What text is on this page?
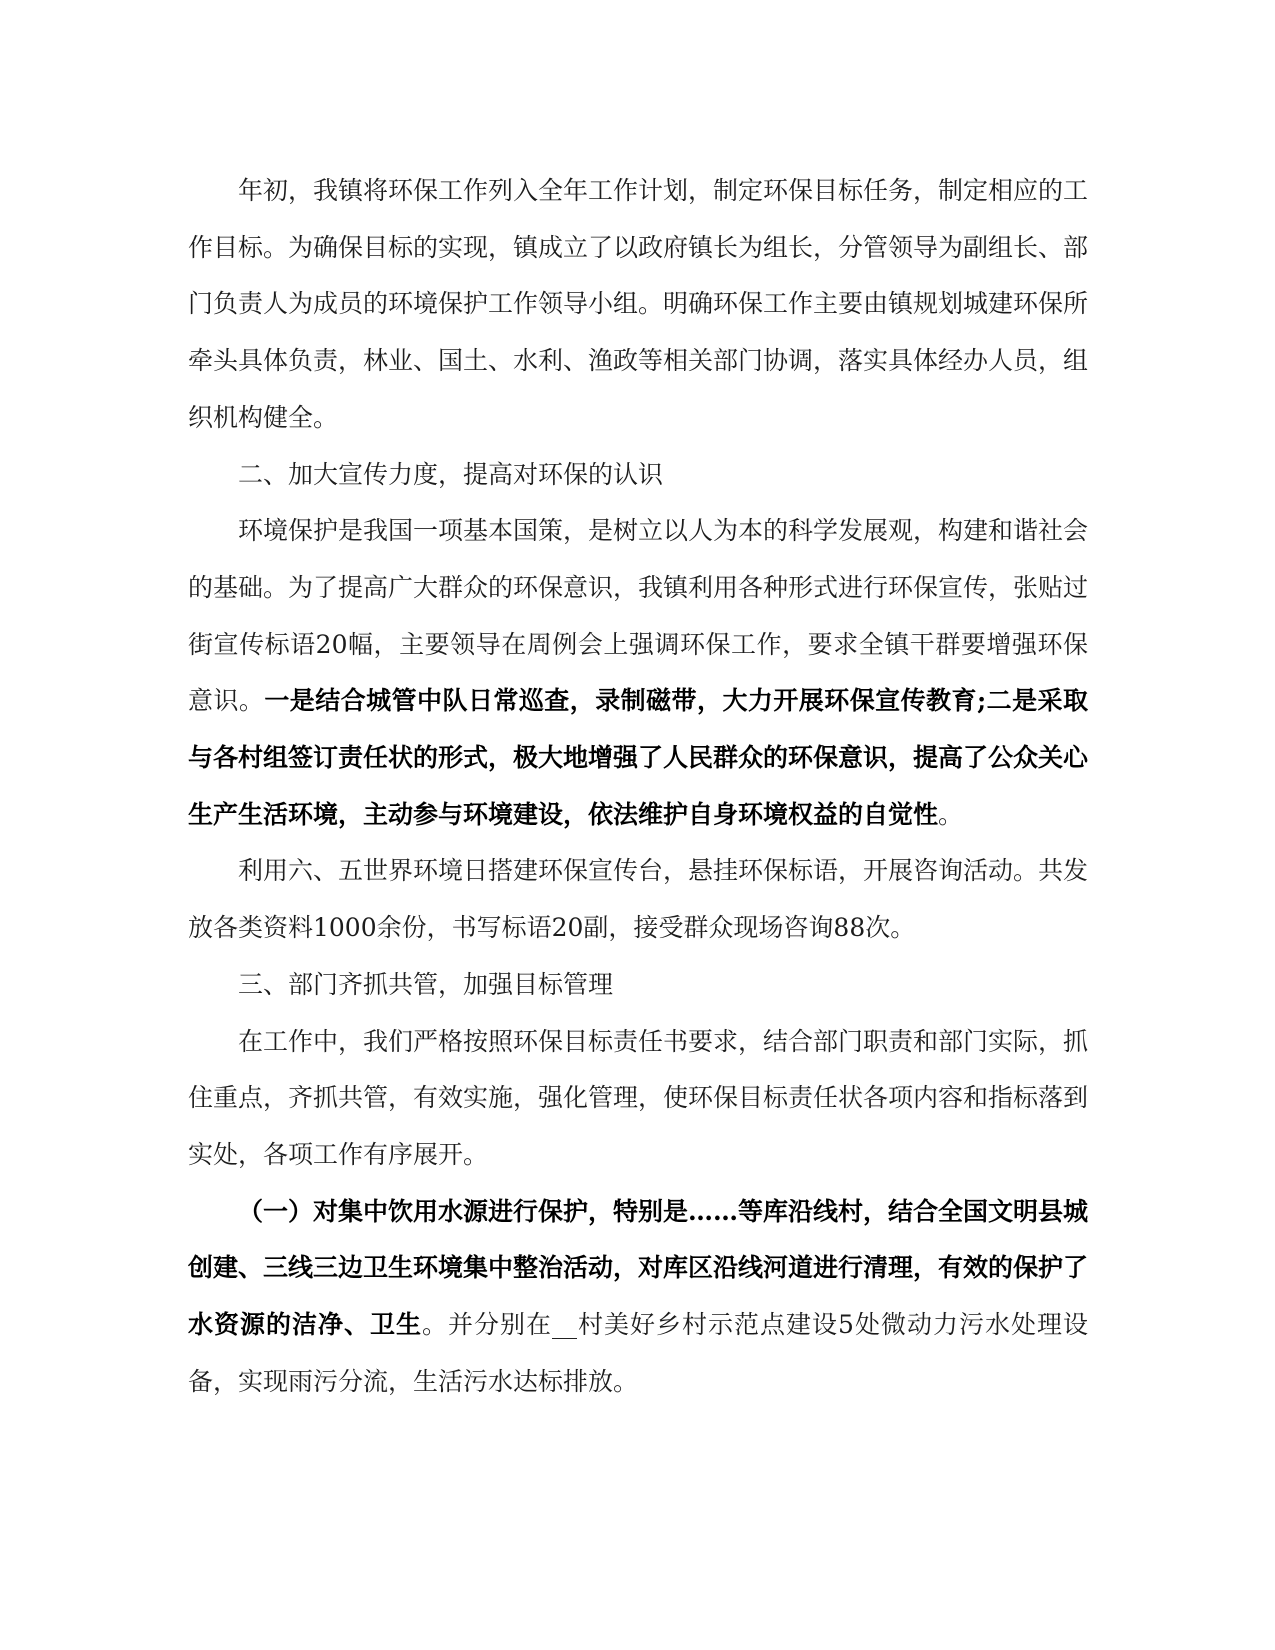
年初，我镇将环保工作列入全年工作计划，制定环保目标任务，制定相应的工作目标。为确保目标的实现，镇成立了以政府镇长为组长，分管领导为副组长、部门负责人为成员的环境保护工作领导小组。明确环保工作主要由镇规划城建环保所牵头具体负责，林业、国土、水利、渔政等相关部门协调，落实具体经办人员，组织机构健全。

二、加大宣传力度，提高对环保的认识

环境保护是我国一项基本国策，是树立以人为本的科学发展观，构建和谐社会的基础。为了提高广大群众的环保意识，我镇利用各种形式进行环保宣传，张贴过街宣传标语20幅，主要领导在周例会上强调环保工作，要求全镇干群要增强环保意识。一是结合城管中队日常巡查，录制磁带，大力开展环保宣传教育;二是采取与各村组签订责任状的形式，极大地增强了人民群众的环保意识，提高了公众关心生产生活环境，主动参与环境建设，依法维护自身环境权益的自觉性。

利用六、五世界环境日搭建环保宣传台，悬挂环保标语，开展咨询活动。共发放各类资料1000余份，书写标语20副，接受群众现场咨询88次。

三、部门齐抓共管，加强目标管理

在工作中，我们严格按照环保目标责任书要求，结合部门职责和部门实际，抓住重点，齐抓共管，有效实施，强化管理，使环保目标责任状各项内容和指标落到实处，各项工作有序展开。

（一）对集中饮用水源进行保护，特别是……等库沿线村，结合全国文明县城创建、三线三边卫生环境集中整治活动，对库区沿线河道进行清理，有效的保护了水资源的洁净、卫生。并分别在__村美好乡村示范点建设5处微动力污水处理设备，实现雨污分流，生活污水达标排放。
